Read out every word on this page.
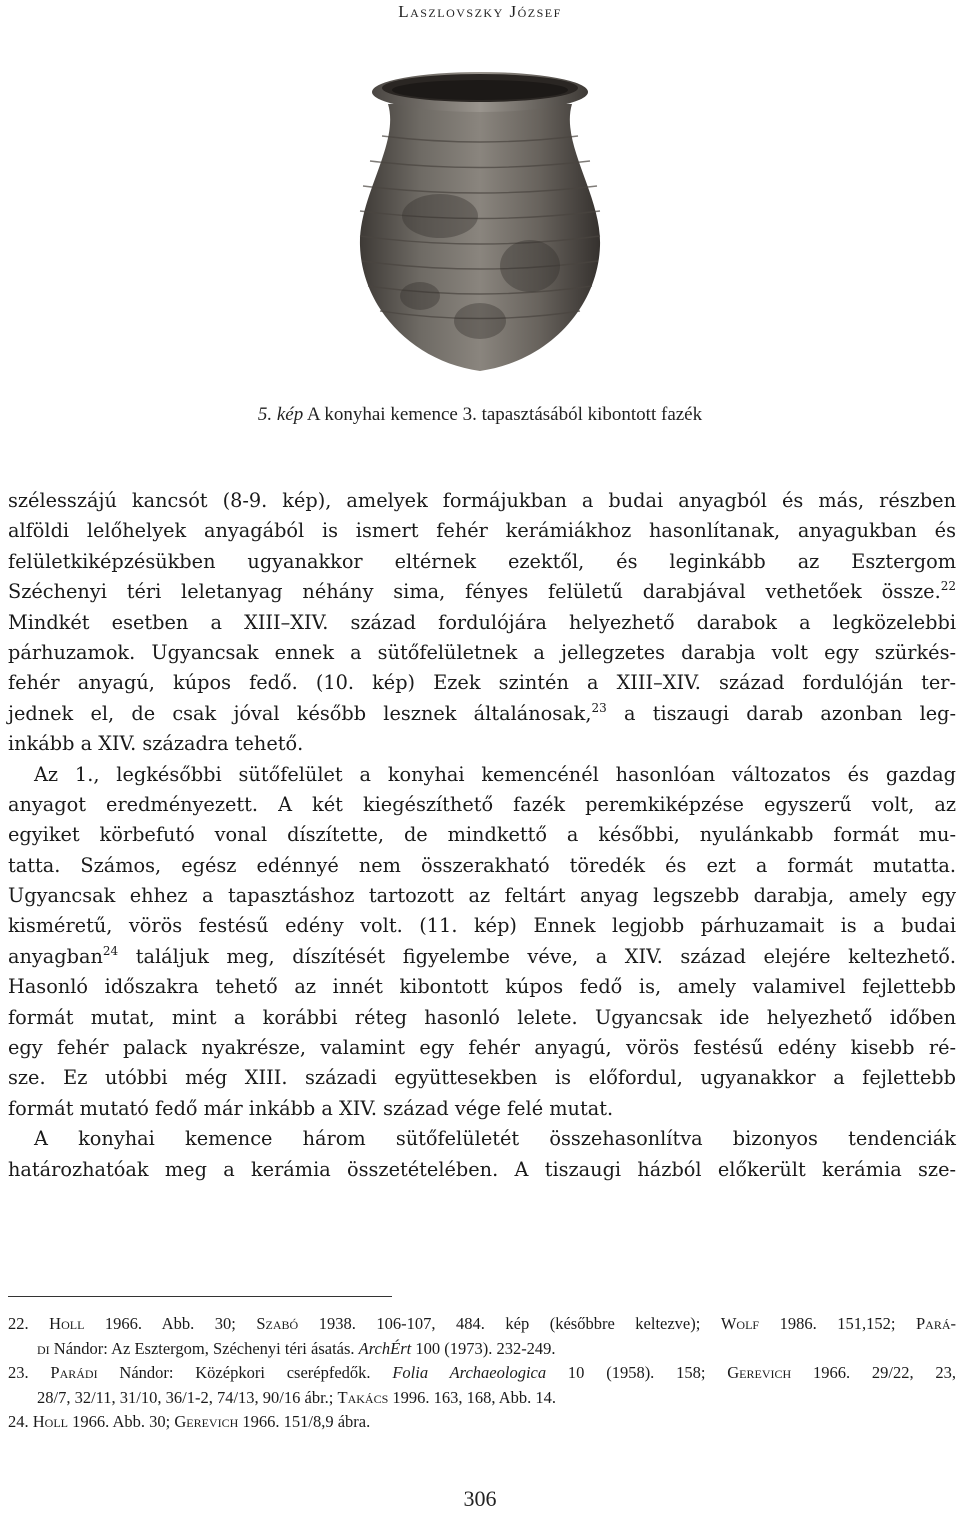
Laszlovszky József
5. kép A konyhai kemence 3. tapasztásából kibontott fazék
szélesszájú kancsót (8-9. kép), amelyek formájukban a budai anyagból és más, részben
alföldi lelőhelyek anyagából is ismert fehér kerámiákhoz hasonlítanak, anyagukban és
felületkiképzésükben ugyanakkor eltérnek ezektől, és leginkább az Esztergom
Széchenyi téri leletanyag néhány sima, fényes felületű darabjával vethetőek össze.$^{22}$
Mindkét esetben a XIII–XIV. század fordulójára helyezhető darabok a legközelebbi
párhuzamok. Ugyancsak ennek a sütőfelületnek a jellegzetes darabja volt egy szürkés-
fehér anyagú, kúpos fedő. (10. kép) Ezek szintén a XIII–XIV. század fordulóján ter-
jednek el, de csak jóval később lesznek általánosak,$^{23}$ a tiszaugi darab azonban leg-
inkább a XIV. századra tehető.
Az 1., legkésőbbi sütőfelület a konyhai kemencénél hasonlóan változatos és gazdag
anyagot eredményezett. A két kiegészíthető fazék peremkiképzése egyszerű volt, az
egyiket körbefutó vonal díszítette, de mindkettő a későbbi, nyulánkabb formát mu-
tatta. Számos, egész edénnyé nem összerakható töredék és ezt a formát mutatta.
Ugyancsak ehhez a tapasztáshoz tartozott az feltárt anyag legszebb darabja, amely egy
kisméretű, vörös festésű edény volt. (11. kép) Ennek legjobb párhuzamait is a budai
anyagban$^{24}$ találjuk meg, díszítését figyelembe véve, a XIV. század elejére keltezhető.
Hasonló időszakra tehető az innét kibontott kúpos fedő is, amely valamivel fejlettebb
formát mutat, mint a korábbi réteg hasonló lelete. Ugyancsak ide helyezhető időben
egy fehér palack nyakrésze, valamint egy fehér anyagú, vörös festésű edény kisebb ré-
sze. Ez utóbbi még XIII. századi együttesekben is előfordul, ugyanakkor a fejlettebb
formát mutató fedő már inkább a XIV. század vége felé mutat.
A konyhai kemence három sütőfelületét összehasonlítva bizonyos tendenciák
határozhatóak meg a kerámia összetételében. A tiszaugi házból előkerült kerámia sze-
22. Holl 1966. Abb. 30; Szabó 1938. 106-107, 484. kép (későbbre keltezve); Wolf 1986. 151,152; Pará-
di Nándor: Az Esztergom, Széchenyi téri ásatás. ArchÉrt 100 (1973). 232-249.
23. Parádi Nándor: Középkori cserépfedők. Folia Archaeologica 10 (1958). 158; Gerevich 1966. 29/22, 23,
28/7, 32/11, 31/10, 36/1-2, 74/13, 90/16 ábr.; Takács 1996. 163, 168, Abb. 14.
24. Holl 1966. Abb. 30; Gerevich 1966. 151/8,9 ábra.
306
